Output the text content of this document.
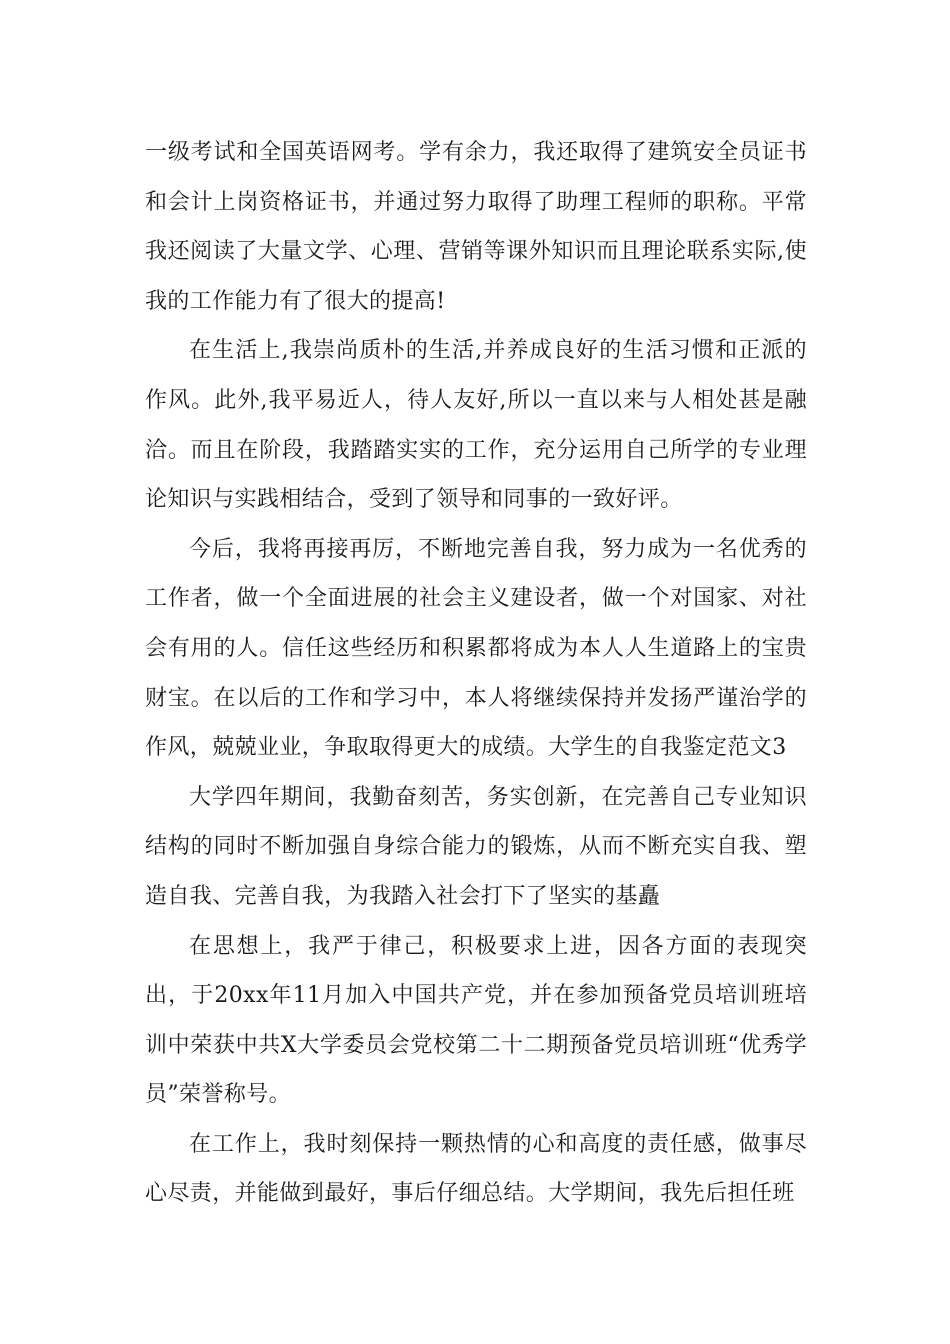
一级考试和全国英语网考。学有余力，我还取得了建筑安全员证书和会计上岗资格证书，并通过努力取得了助理工程师的职称。平常我还阅读了大量文学、心理、营销等课外知识而且理论联系实际,使我的工作能力有了很大的提高!

在生活上,我崇尚质朴的生活,并养成良好的生活习惯和正派的作风。此外,我平易近人，待人友好,所以一直以来与人相处甚是融洽。而且在阶段，我踏踏实实的工作，充分运用自己所学的专业理论知识与实践相结合，受到了领导和同事的一致好评。

今后，我将再接再厉，不断地完善自我，努力成为一名优秀的工作者，做一个全面进展的社会主义建设者，做一个对国家、对社会有用的人。信任这些经历和积累都将成为本人人生道路上的宝贵财宝。在以后的工作和学习中，本人将继续保持并发扬严谨治学的作风，兢兢业业，争取取得更大的成绩。大学生的自我鉴定范文3

大学四年期间，我勤奋刻苦，务实创新，在完善自己专业知识结构的同时不断加强自身综合能力的锻炼，从而不断充实自我、塑造自我、完善自我，为我踏入社会打下了坚实的基矗

在思想上，我严于律己，积极要求上进，因各方面的表现突出，于20xx年11月加入中国共产党，并在参加预备党员培训班培训中荣获中共X大学委员会党校第二十二期预备党员培训班“优秀学员”荣誉称号。

在工作上，我时刻保持一颗热情的心和高度的责任感，做事尽心尽责，并能做到最好，事后仔细总结。大学期间，我先后担任班
